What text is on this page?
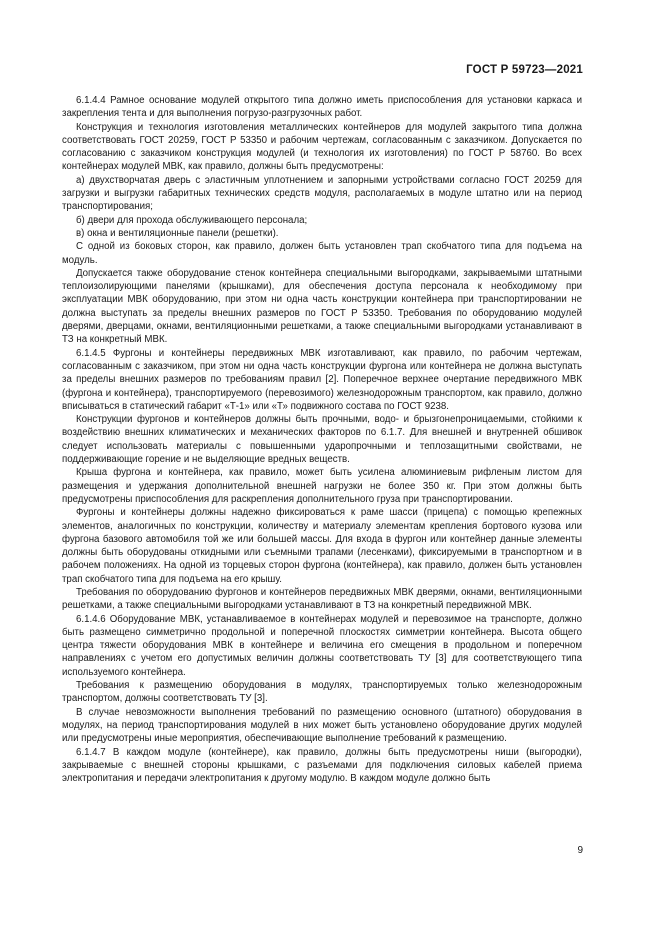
ГОСТ Р 59723—2021

6.1.4.4 Рамное основание модулей открытого типа должно иметь приспособления для установки каркаса и закрепления тента и для выполнения погрузо-разгрузочных работ.

Конструкция и технология изготовления металлических контейнеров для модулей закрытого типа должна соответствовать ГОСТ 20259, ГОСТ Р 53350 и рабочим чертежам, согласованным с заказчиком. Допускается по согласованию с заказчиком конструкция модулей (и технология их изготовления) по ГОСТ Р 58760. Во всех контейнерах модулей МВК, как правило, должны быть предусмотрены:

а) двухстворчатая дверь с эластичным уплотнением и запорными устройствами согласно ГОСТ 20259 для загрузки и выгрузки габаритных технических средств модуля, располагаемых в модуле штатно или на период транспортирования;

б) двери для прохода обслуживающего персонала;

в) окна и вентиляционные панели (решетки).

С одной из боковых сторон, как правило, должен быть установлен трап скобчатого типа для подъема на модуль.

Допускается также оборудование стенок контейнера специальными выгородками, закрываемыми штатными теплоизолирующими панелями (крышками), для обеспечения доступа персонала к необходимому при эксплуатации МВК оборудованию, при этом ни одна часть конструкции контейнера при транспортировании не должна выступать за пределы внешних размеров по ГОСТ Р 53350. Требования по оборудованию модулей дверями, дверцами, окнами, вентиляционными решетками, а также специальными выгородками устанавливают в ТЗ на конкретный МВК.

6.1.4.5 Фургоны и контейнеры передвижных МВК изготавливают, как правило, по рабочим чертежам, согласованным с заказчиком, при этом ни одна часть конструкции фургона или контейнера не должна выступать за пределы внешних размеров по требованиям правил [2]. Поперечное верхнее очертание передвижного МВК (фургона и контейнера), транспортируемого (перевозимого) железнодорожным транспортом, как правило, должно вписываться в статический габарит «Т-1» или «Т» подвижного состава по ГОСТ 9238.

Конструкции фургонов и контейнеров должны быть прочными, водо- и брызгонепроницаемыми, стойкими к воздействию внешних климатических и механических факторов по 6.1.7. Для внешней и внутренней обшивок следует использовать материалы с повышенными ударопрочными и теплозащитными свойствами, не поддерживающие горение и не выделяющие вредных веществ.

Крыша фургона и контейнера, как правило, может быть усилена алюминиевым рифленым листом для размещения и удержания дополнительной внешней нагрузки не более 350 кг. При этом должны быть предусмотрены приспособления для раскрепления дополнительного груза при транспортировании.

Фургоны и контейнеры должны надежно фиксироваться к раме шасси (прицепа) с помощью крепежных элементов, аналогичных по конструкции, количеству и материалу элементам крепления бортового кузова или фургона базового автомобиля той же или большей массы. Для входа в фургон или контейнер данные элементы должны быть оборудованы откидными или съемными трапами (лесенками), фиксируемыми в транспортном и в рабочем положениях. На одной из торцевых сторон фургона (контейнера), как правило, должен быть установлен трап скобчатого типа для подъема на его крышу.

Требования по оборудованию фургонов и контейнеров передвижных МВК дверями, окнами, вентиляционными решетками, а также специальными выгородками устанавливают в ТЗ на конкретный передвижной МВК.

6.1.4.6 Оборудование МВК, устанавливаемое в контейнерах модулей и перевозимое на транспорте, должно быть размещено симметрично продольной и поперечной плоскостях симметрии контейнера. Высота общего центра тяжести оборудования МВК в контейнере и величина его смещения в продольном и поперечном направлениях с учетом его допустимых величин должны соответствовать ТУ [3] для соответствующего типа используемого контейнера.

Требования к размещению оборудования в модулях, транспортируемых только железнодорожным транспортом, должны соответствовать ТУ [3].

В случае невозможности выполнения требований по размещению основного (штатного) оборудования в модулях, на период транспортирования модулей в них может быть установлено оборудование других модулей или предусмотрены иные мероприятия, обеспечивающие выполнение требований к размещению.

6.1.4.7 В каждом модуле (контейнере), как правило, должны быть предусмотрены ниши (выгородки), закрываемые с внешней стороны крышками, с разъемами для подключения силовых кабелей приема электропитания и передачи электропитания к другому модулю. В каждом модуле должно быть

9
